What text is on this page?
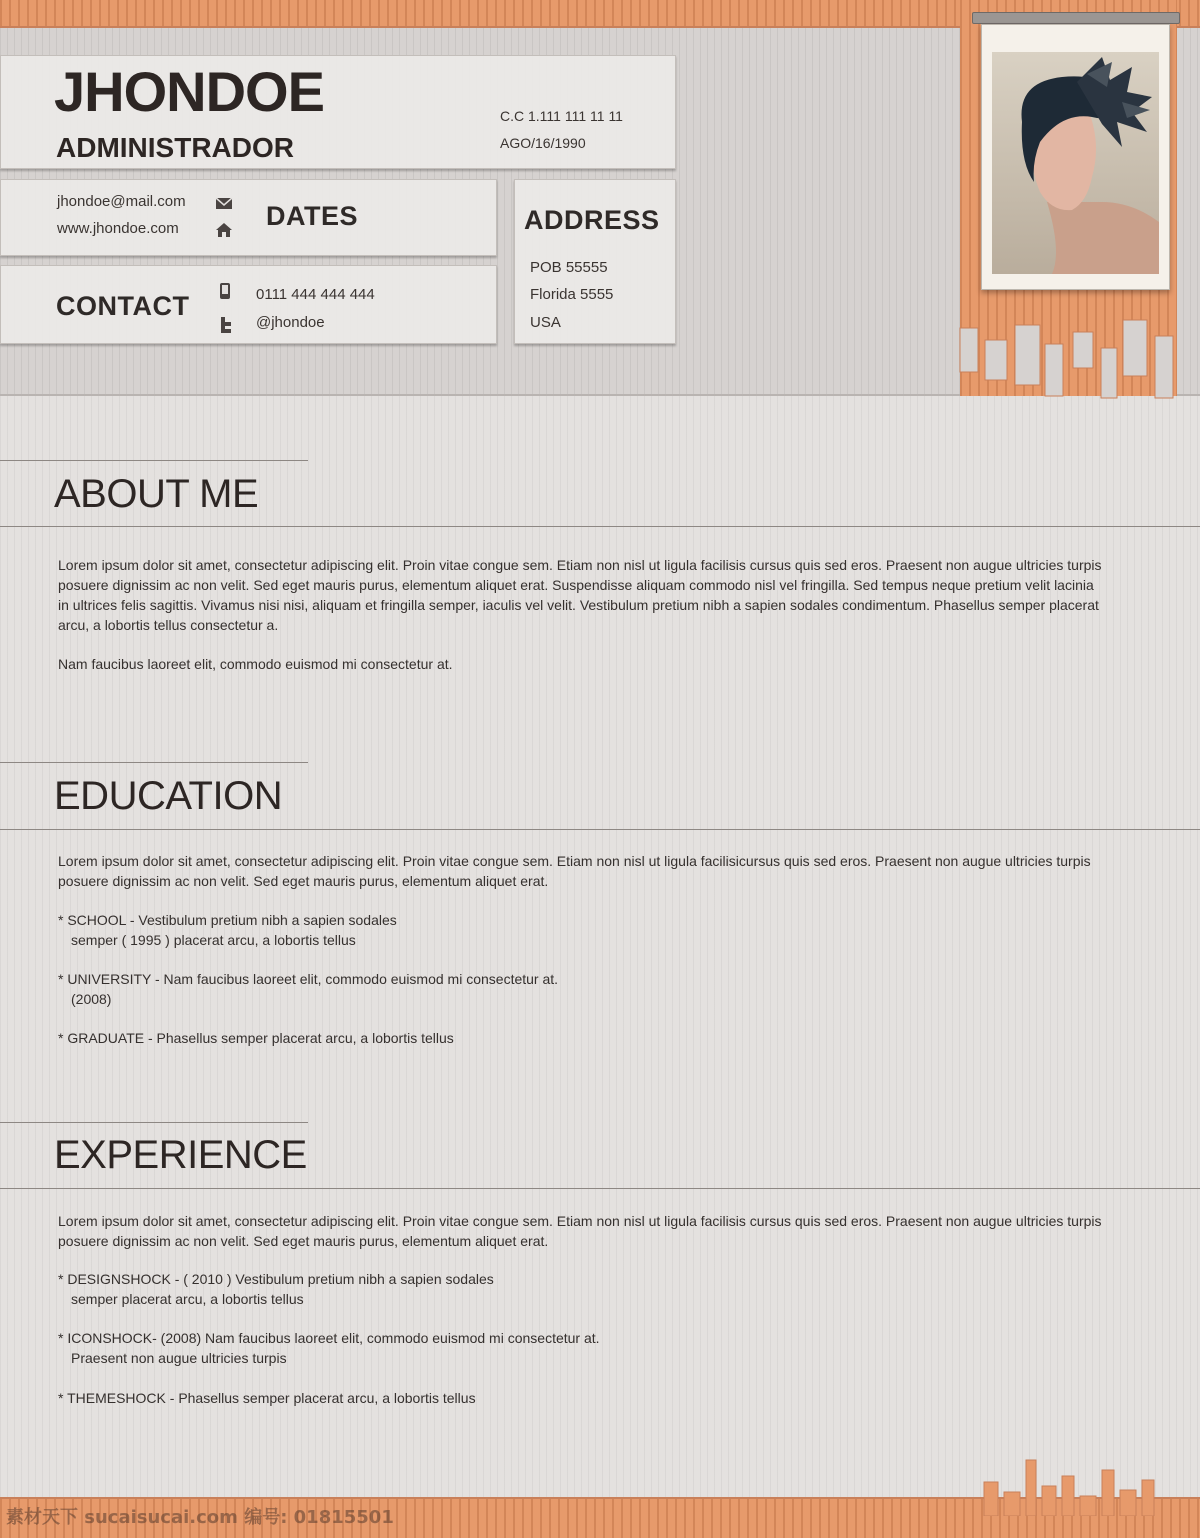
JHONDOE
ADMINISTRADOR
C.C 1.111 111 11 11
AGO/16/1990
jhondoe@mail.com
www.jhondoe.com	DATES
CONTACT	0111 444 444 444
@jhondoe
ADDRESS
POB 55555
Florida 5555
USA
ABOUT ME
Lorem ipsum dolor sit amet, consectetur adipiscing elit. Proin vitae congue sem. Etiam non nisl ut ligula facilisis cursus quis sed eros. Praesent non augue ultricies turpis
posuere dignissim ac non velit. Sed eget mauris purus, elementum aliquet erat. Suspendisse aliquam commodo nisl vel fringilla. Sed tempus neque pretium velit lacinia
in ultrices felis sagittis. Vivamus nisi nisi, aliquam et fringilla semper, iaculis vel velit. Vestibulum pretium nibh a sapien sodales condimentum. Phasellus semper placerat
arcu, a lobortis tellus consectetur a.
Nam faucibus laoreet elit, commodo euismod mi consectetur at.
EDUCATION
Lorem ipsum dolor sit amet, consectetur adipiscing elit. Proin vitae congue sem. Etiam non nisl ut ligula facilisicursus quis sed eros. Praesent non augue ultricies turpis
posuere dignissim ac non velit. Sed eget mauris purus, elementum aliquet erat.
* SCHOOL - Vestibulum pretium nibh a sapien sodales
semper ( 1995 ) placerat arcu, a lobortis tellus
* UNIVERSITY - Nam faucibus laoreet elit, commodo euismod mi consectetur at.
(2008)
* GRADUATE - Phasellus semper placerat arcu, a lobortis tellus
EXPERIENCE
Lorem ipsum dolor sit amet, consectetur adipiscing elit. Proin vitae congue sem. Etiam non nisl ut ligula facilisis cursus quis sed eros. Praesent non augue ultricies turpis
posuere dignissim ac non velit. Sed eget mauris purus, elementum aliquet erat.
* DESIGNSHOCK - ( 2010 ) Vestibulum pretium nibh a sapien sodales
semper placerat arcu, a lobortis tellus
* ICONSHOCK- (2008) Nam faucibus laoreet elit, commodo euismod mi consectetur at.
Praesent non augue ultricies turpis
* THEMESHOCK - Phasellus semper placerat arcu, a lobortis tellus
素材天下 sucaisucai.com 编号: 01815501
